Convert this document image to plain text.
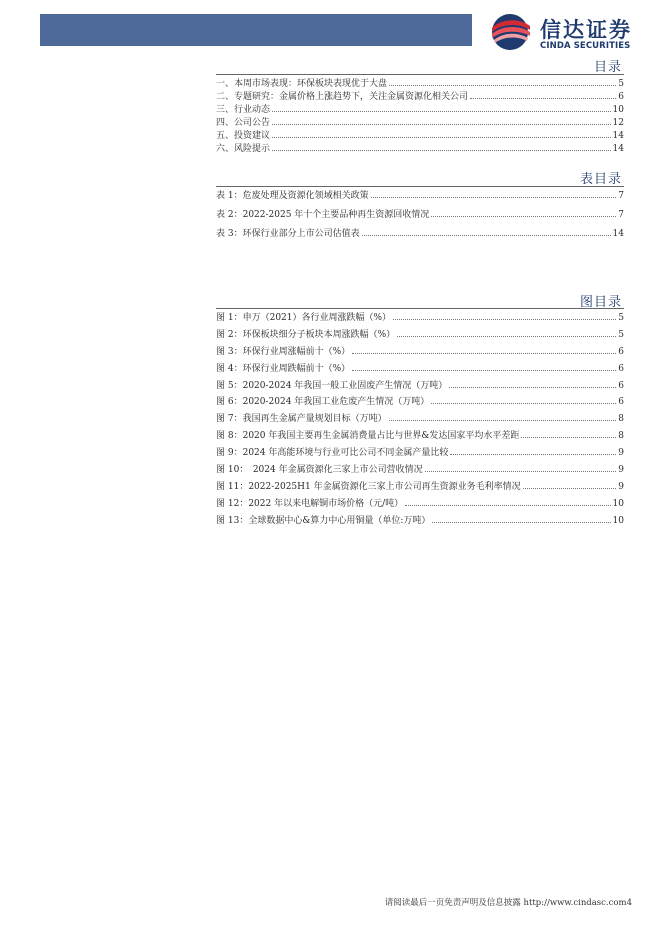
信达证券
CINDA SECURITIES
目录
一、本周市场表现：环保板块表现优于大盘	5
二、专题研究：金属价格上涨趋势下，关注金属资源化相关公司	6
三、行业动态	10
四、公司公告	12
五、投资建议	14
六、风险提示	14
表目录
表 1：危废处理及资源化领域相关政策	7
表 2：2022-2025 年十个主要品种再生资源回收情况	7
表 3：环保行业部分上市公司估值表	14
图目录
图 1：申万（2021）各行业周涨跌幅（%）	5
图 2：环保板块细分子板块本周涨跌幅（%）	5
图 3：环保行业周涨幅前十（%）	6
图 4：环保行业周跌幅前十（%）	6
图 5：2020-2024 年我国一般工业固废产生情况（万吨）	6
图 6：2020-2024 年我国工业危废产生情况（万吨）	6
图 7：我国再生金属产量规划目标（万吨）	8
图 8：2020 年我国主要再生金属消费量占比与世界&发达国家平均水平差距	8
图 9：2024 年高能环境与行业可比公司不同金属产量比较	9
图 10：　2024 年金属资源化三家上市公司营收情况	9
图 11：2022-2025H1 年金属资源化三家上市公司再生资源业务毛利率情况	9
图 12：2022 年以来电解铜市场价格（元/吨）	10
图 13：全球数据中心&算力中心用铜量（单位:万吨）	10
请阅读最后一页免责声明及信息披露 http://www.cindasc.com4
